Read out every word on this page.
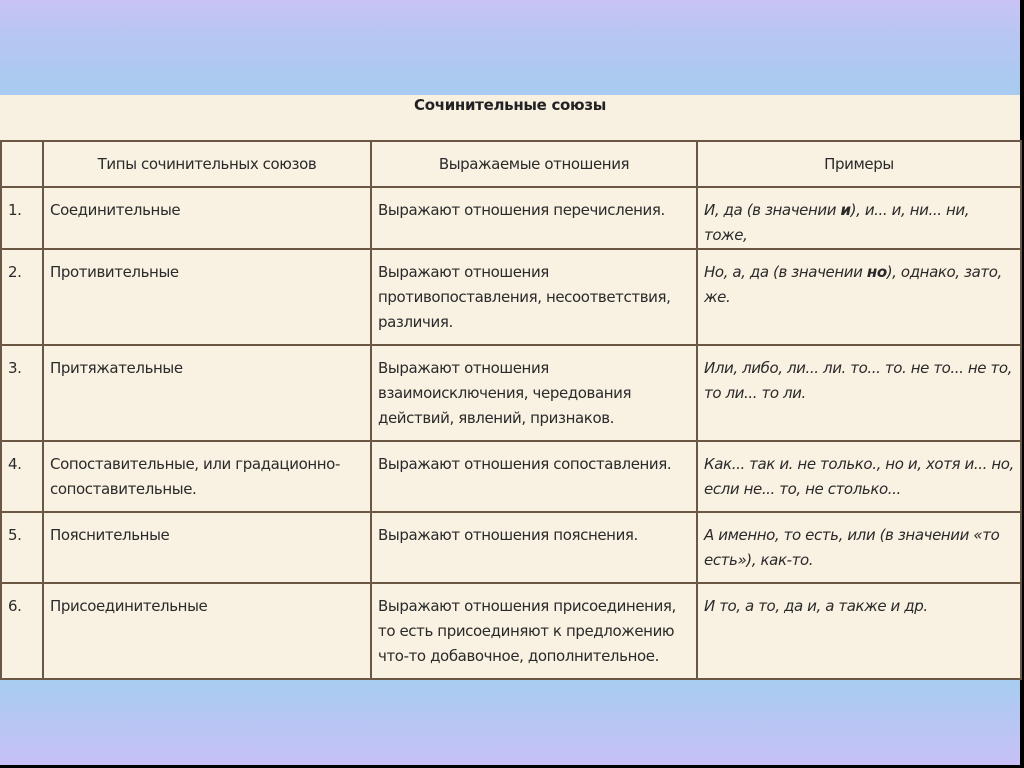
Сочинительные союзы
	Типы сочинительных союзов	Выражаемые отношения	Примеры
1.	Соединительные	Выражают отношения перечисления.	И, да (в значении и), и... и, ни... ни, тоже,
2.	Противительные	Выражают отношения противопоставления, несоответствия, различия.	Но, а, да (в значении но), однако, зато, же.
3.	Притяжательные	Выражают отношения взаимоисключения, чередования действий, явлений, признаков.	Или, либо, ли... ли. то... то. не то... не то, то ли... то ли.
4.	Сопоставительные, или градационно-сопоставительные.	Выражают отношения сопоставления.	Как... так и. не только., но и, хотя и... но, если не... то, не столько...
5.	Пояснительные	Выражают отношения пояснения.	А именно, то есть, или (в значении «то есть»), как-то.
6.	Присоединительные	Выражают отношения присоединения, то есть присоединяют к предложению что-то добавочное, дополнительное.	И то, а то, да и, а также и др.
